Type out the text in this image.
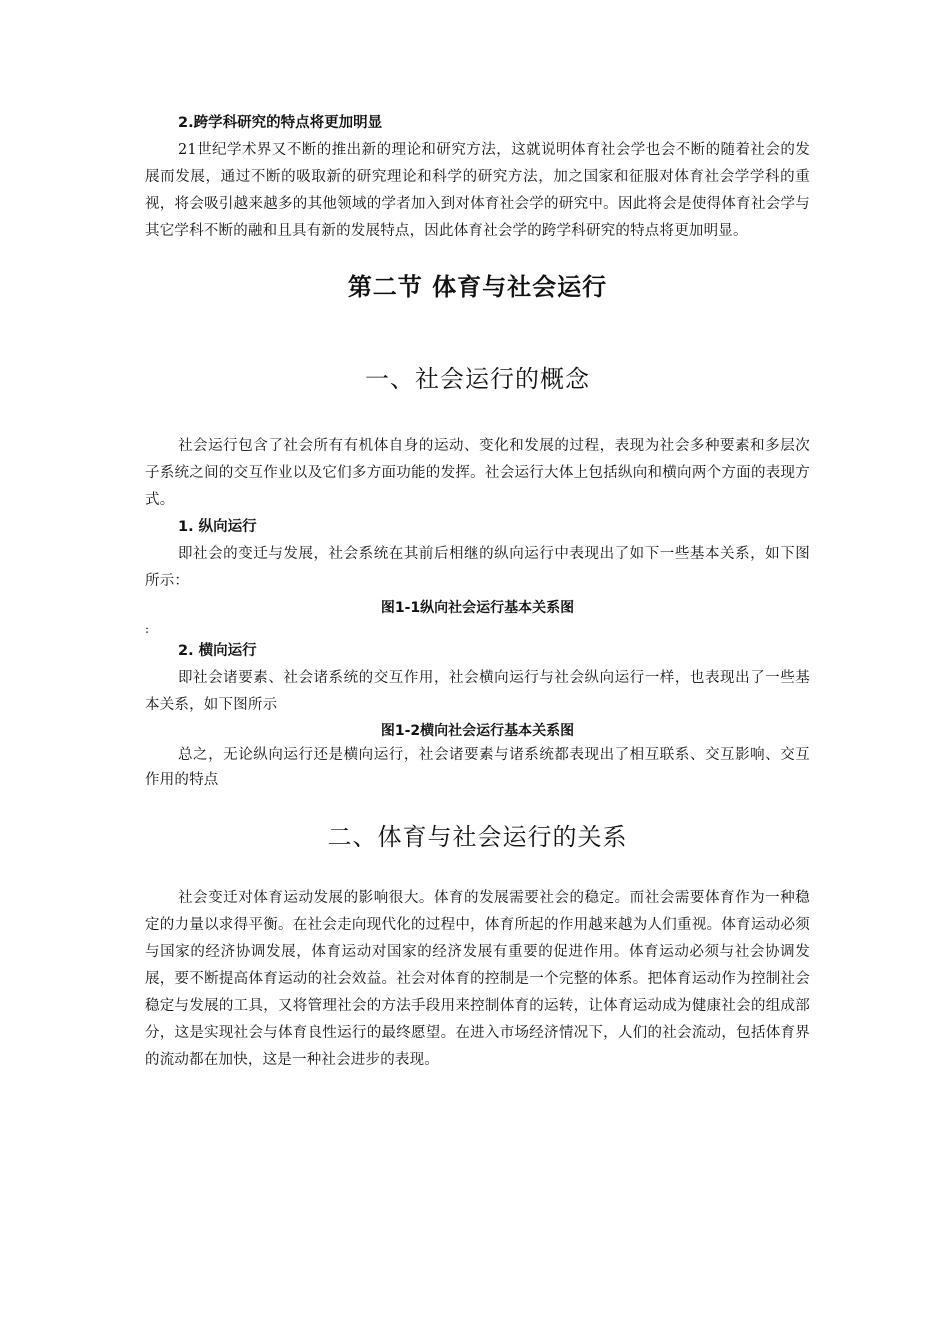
2.跨学科研究的特点将更加明显

21世纪学术界又不断的推出新的理论和研究方法，这就说明体育社会学也会不断的随着社会的发展而发展，通过不断的吸取新的研究理论和科学的研究方法，加之国家和征服对体育社会学学科的重视，将会吸引越来越多的其他领域的学者加入到对体育社会学的研究中。因此将会是使得体育社会学与其它学科不断的融和且具有新的发展特点，因此体育社会学的跨学科研究的特点将更加明显。

第二节 体育与社会运行

一、社会运行的概念

社会运行包含了社会所有有机体自身的运动、变化和发展的过程，表现为社会多种要素和多层次子系统之间的交互作业以及它们多方面功能的发挥。社会运行大体上包括纵向和横向两个方面的表现方式。

1. 纵向运行

即社会的变迁与发展，社会系统在其前后相继的纵向运行中表现出了如下一些基本关系，如下图所示：

图1-1纵向社会运行基本关系图

:

2. 横向运行

即社会诸要素、社会诸系统的交互作用，社会横向运行与社会纵向运行一样，也表现出了一些基本关系，如下图所示

图1-2横向社会运行基本关系图

总之，无论纵向运行还是横向运行，社会诸要素与诸系统都表现出了相互联系、交互影响、交互作用的特点

二、体育与社会运行的关系

社会变迁对体育运动发展的影响很大。体育的发展需要社会的稳定。而社会需要体育作为一种稳定的力量以求得平衡。在社会走向现代化的过程中，体育所起的作用越来越为人们重视。体育运动必须与国家的经济协调发展，体育运动对国家的经济发展有重要的促进作用。体育运动必须与社会协调发展，要不断提高体育运动的社会效益。社会对体育的控制是一个完整的体系。把体育运动作为控制社会稳定与发展的工具，又将管理社会的方法手段用来控制体育的运转，让体育运动成为健康社会的组成部分，这是实现社会与体育良性运行的最终愿望。在进入市场经济情况下，人们的社会流动，包括体育界的流动都在加快，这是一种社会进步的表现。
